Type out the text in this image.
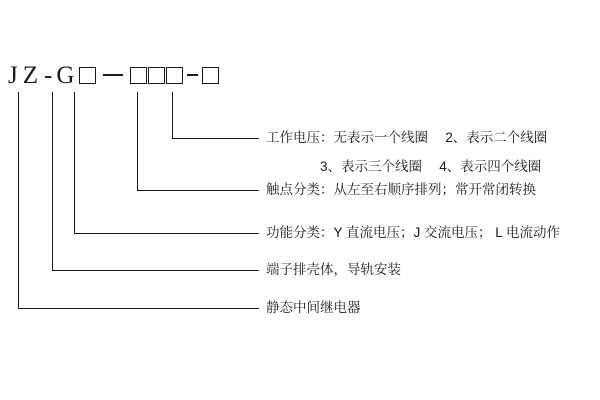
J Z - G
工作电压：无表示一个线圈　 2、表示二个线圈
3、表示三个线圈　 4、表示四个线圈
触点分类：从左至右顺序排列；常开常闭转换
功能分类：Y 直流电压；J 交流电压； L 电流动作
端子排壳体，导轨安装
静态中间继电器
